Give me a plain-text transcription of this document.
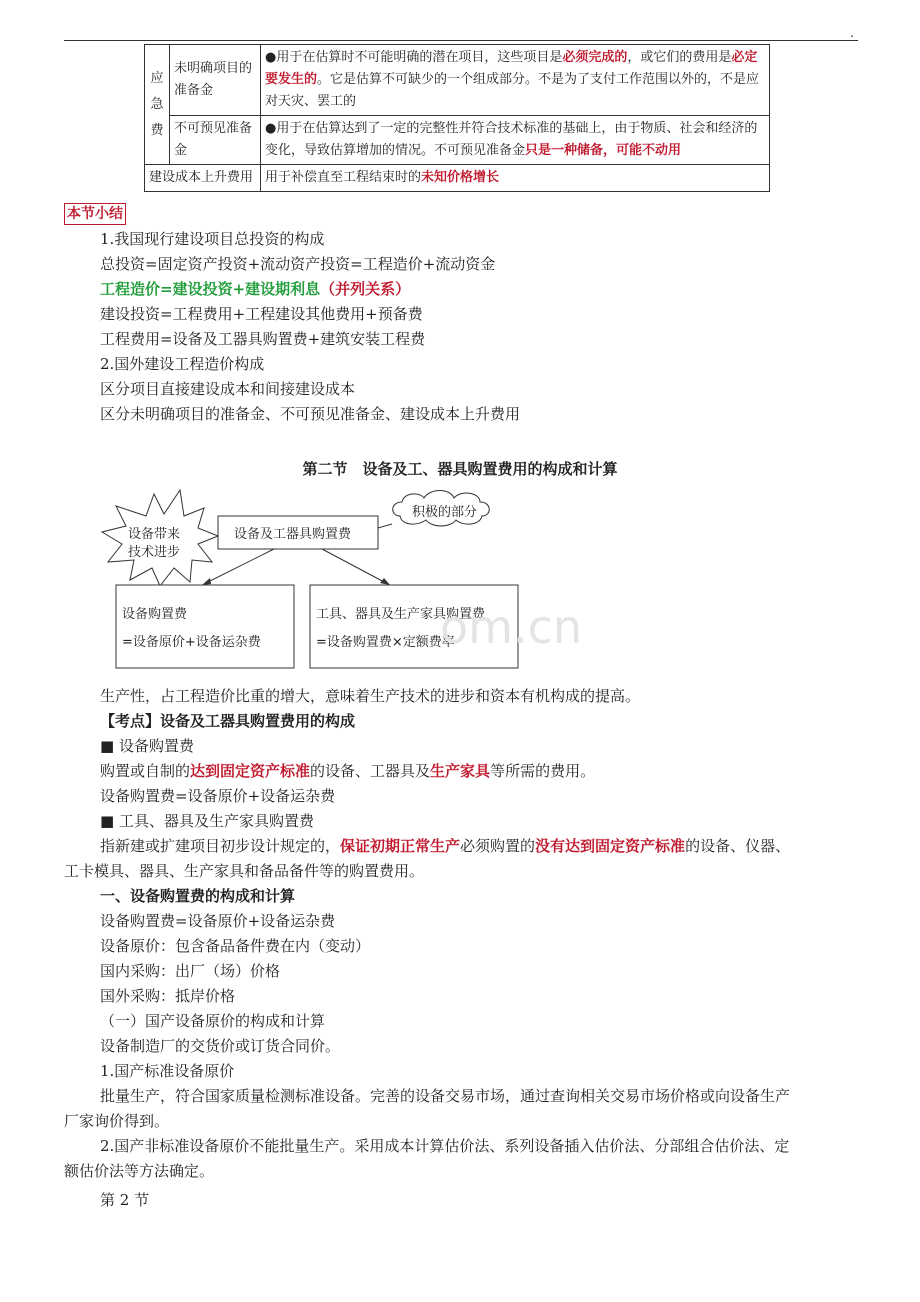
.
应急费	未明确项目的准备金	●用于在估算时不可能明确的潜在项目，这些项目是必须完成的，或它们的费用是必定要发生的。它是估算不可缺少的一个组成部分。不是为了支付工作范围以外的，不是应对天灾、罢工的
	不可预见准备金	●用于在估算达到了一定的完整性并符合技术标准的基础上，由于物质、社会和经济的变化，导致估算增加的情况。不可预见准备金只是一种储备，可能不动用
建设成本上升费用		用于补偿直至工程结束时的未知价格增长
本节小结
1.我国现行建设项目总投资的构成
总投资=固定资产投资+流动资产投资=工程造价+流动资金
工程造价=建设投资+建设期利息（并列关系）
建设投资=工程费用+工程建设其他费用+预备费
工程费用=设备及工器具购置费+建筑安装工程费
2.国外建设工程造价构成
区分项目直接建设成本和间接建设成本
区分未明确项目的准备金、不可预见准备金、建设成本上升费用
第二节　设备及工、器具购置费用的构成和计算
设备带来
技术进步
设备及工器具购置费
积极的部分
设备购置费
=设备原价+设备运杂费
工具、器具及生产家具购置费
=设备购置费×定额费率
om.cn
生产性，占工程造价比重的增大，意味着生产技术的进步和资本有机构成的提高。
【考点】设备及工器具购置费用的构成
■ 设备购置费
购置或自制的达到固定资产标准的设备、工器具及生产家具等所需的费用。
设备购置费=设备原价+设备运杂费
■ 工具、器具及生产家具购置费
指新建或扩建项目初步设计规定的，保证初期正常生产必须购置的没有达到固定资产标准的设备、仪器、
工卡模具、器具、生产家具和备品备件等的购置费用。
一、设备购置费的构成和计算
设备购置费=设备原价+设备运杂费
设备原价：包含备品备件费在内（变动）
国内采购：出厂（场）价格
国外采购：抵岸价格
（一）国产设备原价的构成和计算
设备制造厂的交货价或订货合同价。
1.国产标准设备原价
批量生产，符合国家质量检测标准设备。完善的设备交易市场，通过查询相关交易市场价格或向设备生产
厂家询价得到。
2.国产非标准设备原价不能批量生产。采用成本计算估价法、系列设备插入估价法、分部组合估价法、定
额估价法等方法确定。
第 2 节
